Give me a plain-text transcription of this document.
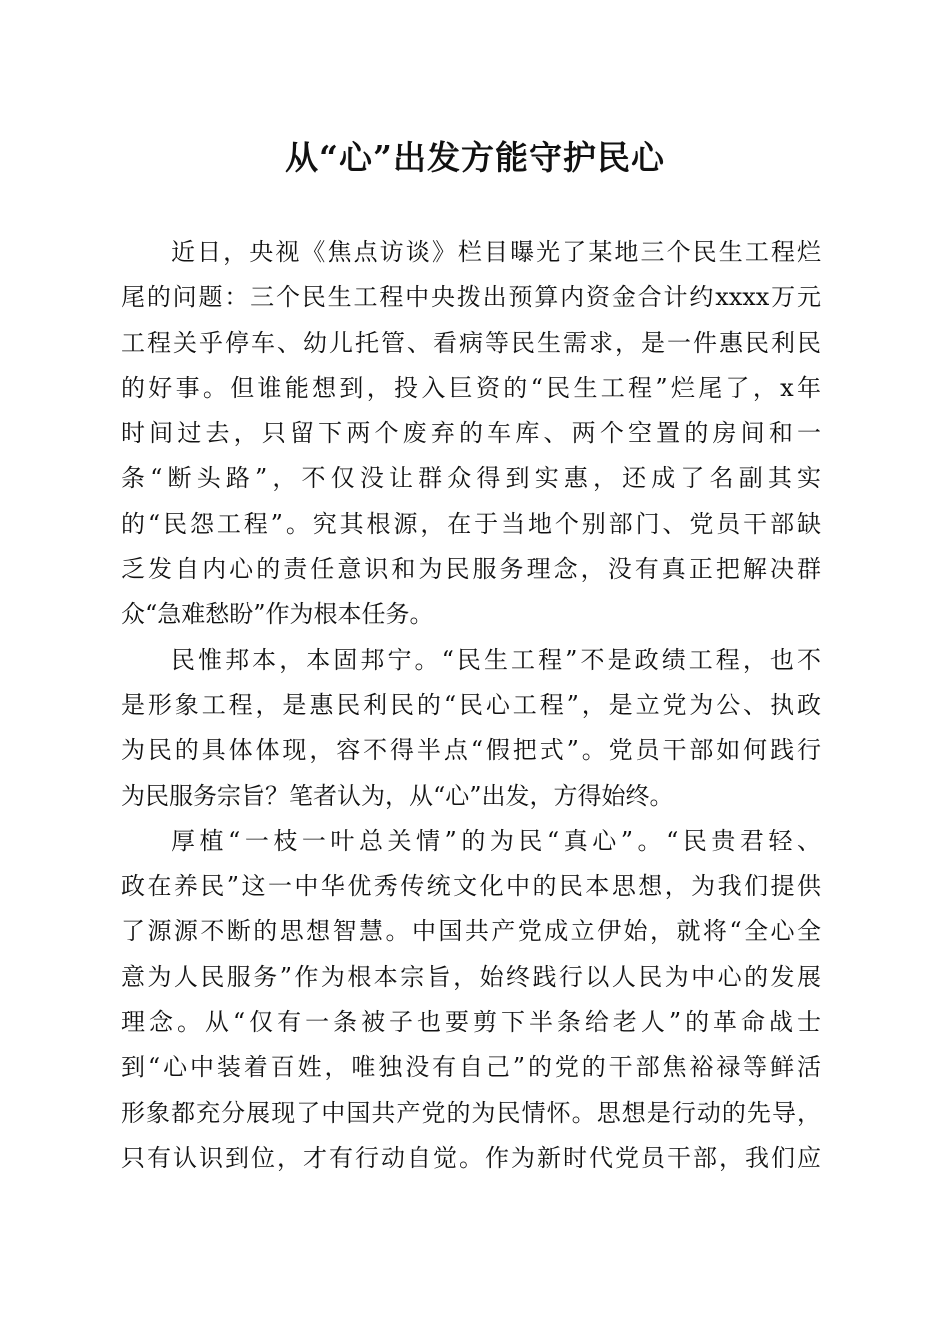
从“心”出发方能守护民心
近日，央视《焦点访谈》栏目曝光了某地三个民生工程烂
尾的问题：三个民生工程中央拨出预算内资金合计约xxxx万元
工程关乎停车、幼儿托管、看病等民生需求，是一件惠民利民
的好事。但谁能想到，投入巨资的“民生工程”烂尾了，x年
时间过去，只留下两个废弃的车库、两个空置的房间和一
条“断头路”，不仅没让群众得到实惠，还成了名副其实
的“民怨工程”。究其根源，在于当地个别部门、党员干部缺
乏发自内心的责任意识和为民服务理念，没有真正把解决群
众“急难愁盼”作为根本任务。
民惟邦本，本固邦宁。“民生工程”不是政绩工程，也不
是形象工程，是惠民利民的“民心工程”，是立党为公、执政
为民的具体体现，容不得半点“假把式”。党员干部如何践行
为民服务宗旨？笔者认为，从“心”出发，方得始终。
厚植“一枝一叶总关情”的为民“真心”。“民贵君轻、
政在养民”这一中华优秀传统文化中的民本思想，为我们提供
了源源不断的思想智慧。中国共产党成立伊始，就将“全心全
意为人民服务”作为根本宗旨，始终践行以人民为中心的发展
理念。从“仅有一条被子也要剪下半条给老人”的革命战士
到“心中装着百姓，唯独没有自己”的党的干部焦裕禄等鲜活
形象都充分展现了中国共产党的为民情怀。思想是行动的先导，
只有认识到位，才有行动自觉。作为新时代党员干部，我们应
